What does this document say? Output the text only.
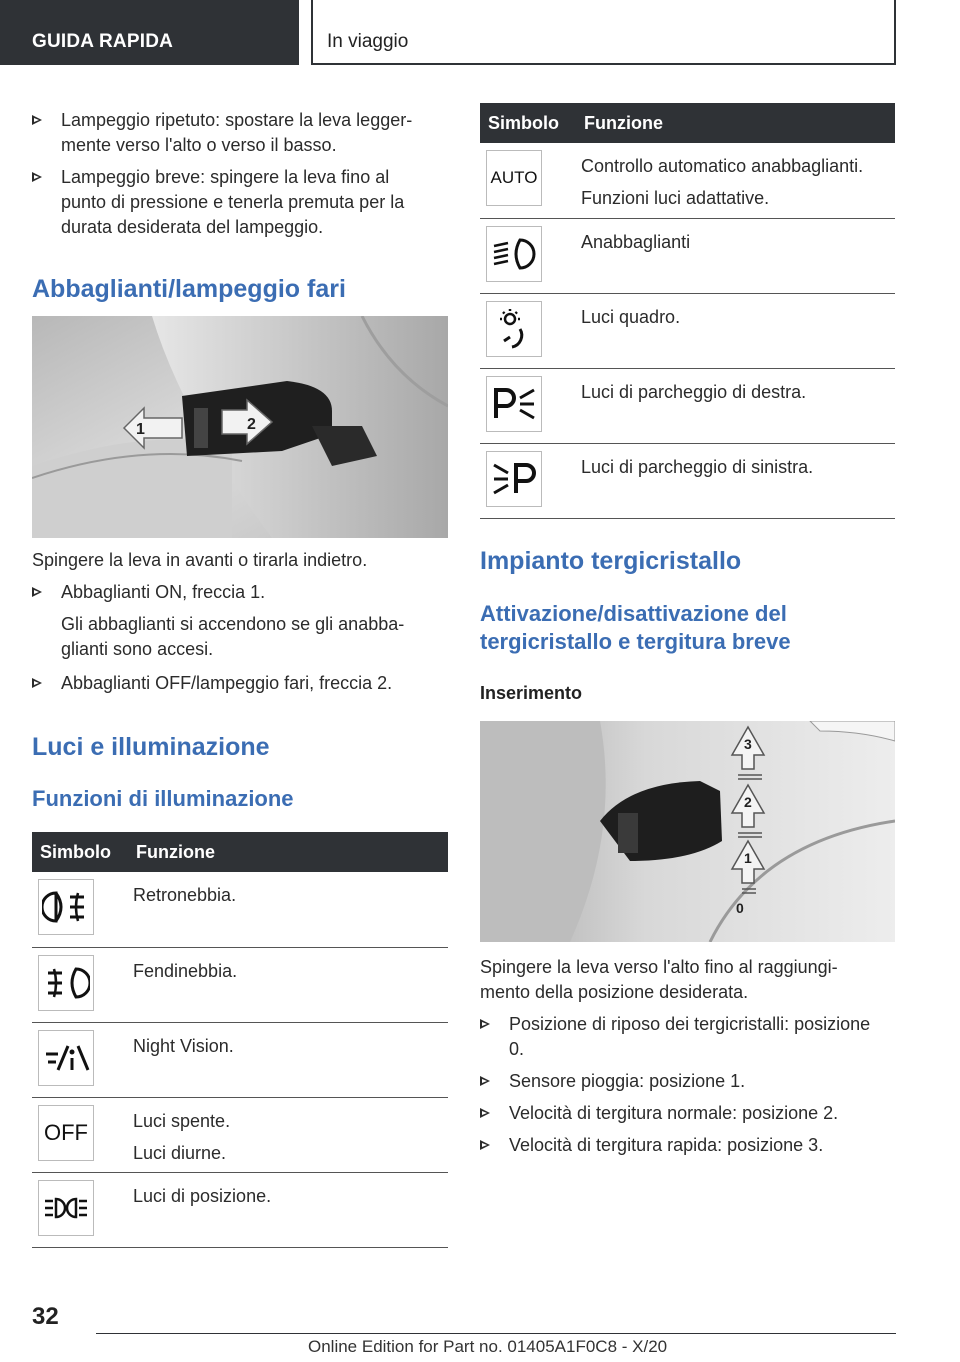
GUIDA RAPIDA	In viaggio
Lampeggio ripetuto: spostare la leva legger-
mente verso l'alto o verso il basso.
Lampeggio breve: spingere la leva fino al
punto di pressione e tenerla premuta per la
durata desiderata del lampeggio.
Abbaglianti/lampeggio fari
1	2

Spingere la leva in avanti o tirarla indietro.

Abbaglianti ON, freccia 1.
Gli abbaglianti si accendono se gli anabba-
glianti sono accesi.
Abbaglianti OFF/lampeggio fari, freccia 2.
Luci e illuminazione
Funzioni di illuminazione
Simbolo	Funzione

Retronebbia.

Fendinebbia.

Night Vision.

OFF	Luci spente.
Luci diurne.

Luci di posizione.
Simbolo	Funzione

AUTO	Controllo automatico anabbaglianti.
Funzioni luci adattative.

Anabbaglianti

Luci quadro.

Luci di parcheggio di destra.

Luci di parcheggio di sinistra.
Impianto tergicristallo
Attivazione/disattivazione del
tergicristallo e tergitura breve
Inserimento
3
2
1
0

Spingere la leva verso l'alto fino al raggiungi-
mento della posizione desiderata.

Posizione di riposo dei tergicristalli: posizione
0.
Sensore pioggia: posizione 1.
Velocità di tergitura normale: posizione 2.
Velocità di tergitura rapida: posizione 3.
32
Online Edition for Part no. 01405A1F0C8 - X/20
